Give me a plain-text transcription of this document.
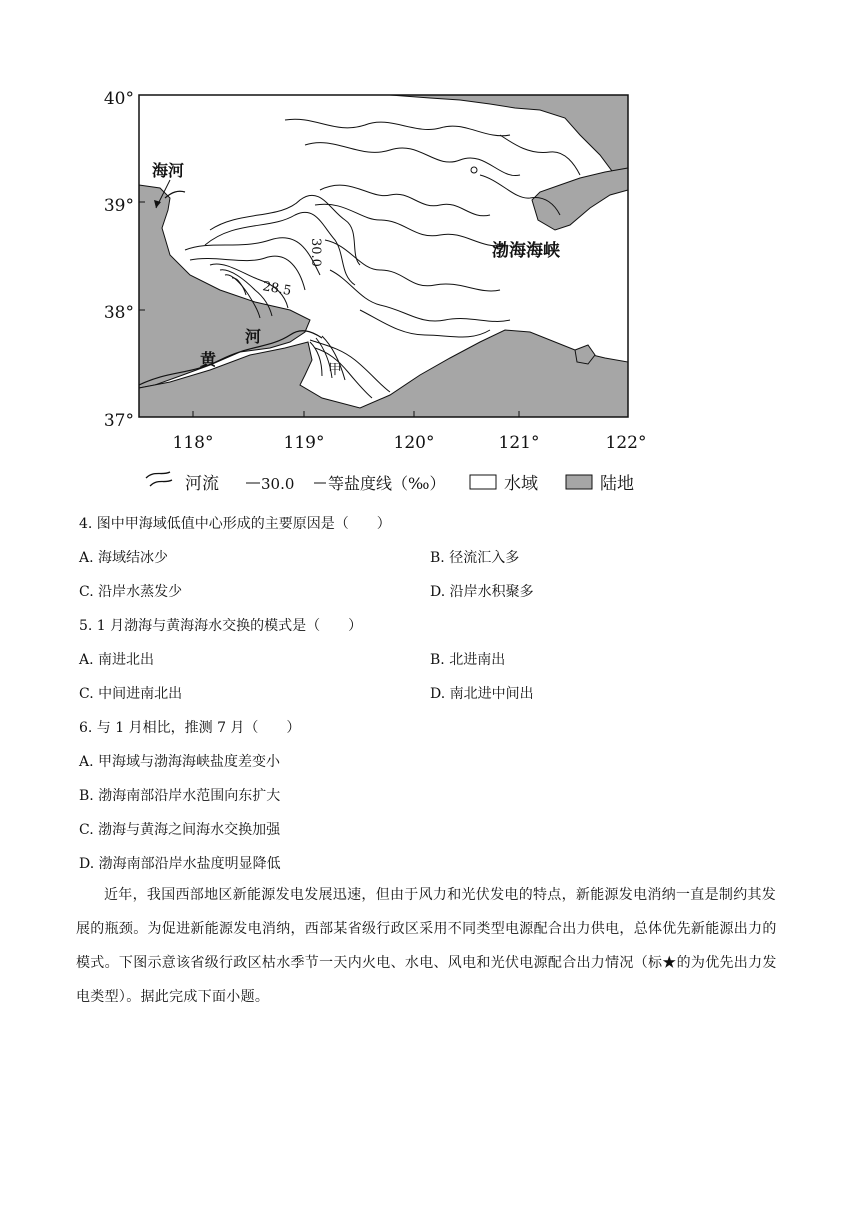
40°
39°
38°
37°
118°	119°	120°	121°	122°
海河
黄
河
渤海海峡
甲
30.0
28.5
河流	30.0 等盐度线（‰）	水域	陆地
4. 图中甲海域低值中心形成的主要原因是（　　）
A. 海域结冰少	B. 径流汇入多
C. 沿岸水蒸发少	D. 沿岸水积聚多
5. 1 月渤海与黄海海水交换的模式是（　　）
A. 南进北出	B. 北进南出
C. 中间进南北出	D. 南北进中间出
6. 与 1 月相比，推测 7 月（　　）
A. 甲海域与渤海海峡盐度差变小
B. 渤海南部沿岸水范围向东扩大
C. 渤海与黄海之间海水交换加强
D. 渤海南部沿岸水盐度明显降低
近年，我国西部地区新能源发电发展迅速，但由于风力和光伏发电的特点，新能源发电消纳一直是制约其发展的瓶颈。为促进新能源发电消纳，西部某省级行政区采用不同类型电源配合出力供电，总体优先新能源出力的模式。下图示意该省级行政区枯水季节一天内火电、水电、风电和光伏电源配合出力情况（标★的为优先出力发电类型）。据此完成下面小题。
